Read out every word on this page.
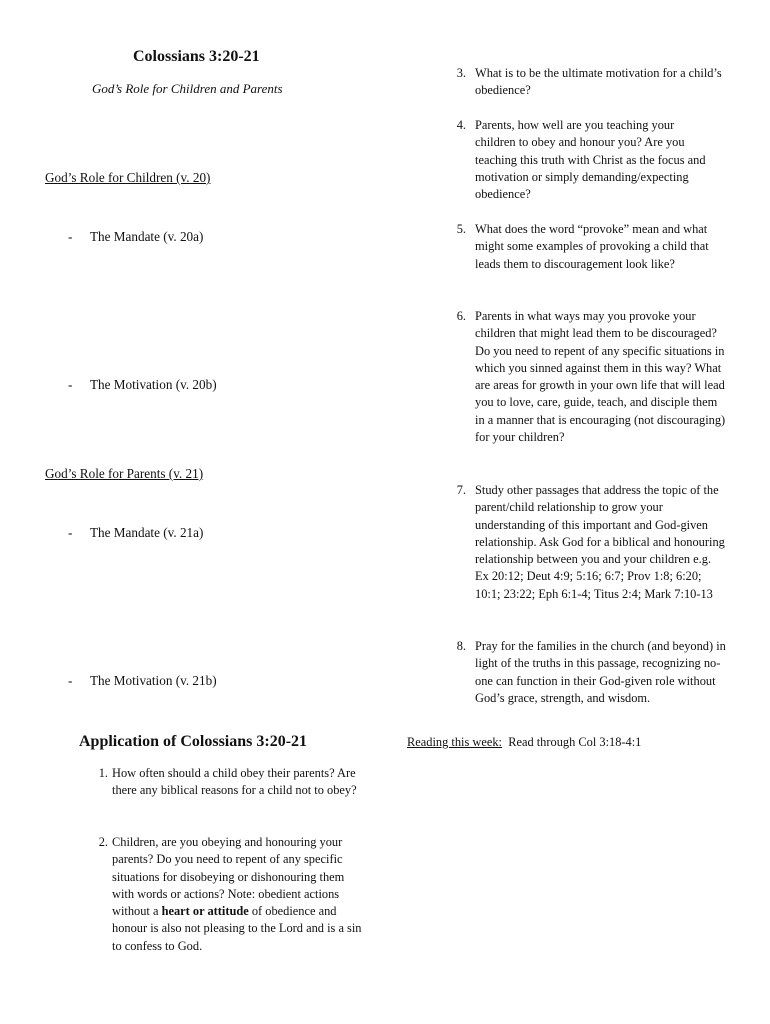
Colossians 3:20-21
God’s Role for Children and Parents
God’s Role for Children (v. 20)
- The Mandate (v. 20a)
- The Motivation (v. 20b)
God’s Role for Parents (v. 21)
- The Mandate (v. 21a)
- The Motivation (v. 21b)
Application of Colossians 3:20-21
1. How often should a child obey their parents? Are there any biblical reasons for a child not to obey?
2. Children, are you obeying and honouring your parents? Do you need to repent of any specific situations for disobeying or dishonouring them with words or actions? Note: obedient actions without a heart or attitude of obedience and honour is also not pleasing to the Lord and is a sin to confess to God.
3. What is to be the ultimate motivation for a child’s obedience?
4. Parents, how well are you teaching your children to obey and honour you? Are you teaching this truth with Christ as the focus and motivation or simply demanding/expecting obedience?
5. What does the word “provoke” mean and what might some examples of provoking a child that leads them to discouragement look like?
6. Parents in what ways may you provoke your children that might lead them to be discouraged? Do you need to repent of any specific situations in which you sinned against them in this way? What are areas for growth in your own life that will lead you to love, care, guide, teach, and disciple them in a manner that is encouraging (not discouraging) for your children?
7. Study other passages that address the topic of the parent/child relationship to grow your understanding of this important and God-given relationship. Ask God for a biblical and honouring relationship between you and your children e.g. Ex 20:12; Deut 4:9; 5:16; 6:7; Prov 1:8; 6:20; 10:1; 23:22; Eph 6:1-4; Titus 2:4; Mark 7:10-13
8. Pray for the families in the church (and beyond) in light of the truths in this passage, recognizing no-one can function in their God-given role without God’s grace, strength, and wisdom.
Reading this week: Read through Col 3:18-4:1
